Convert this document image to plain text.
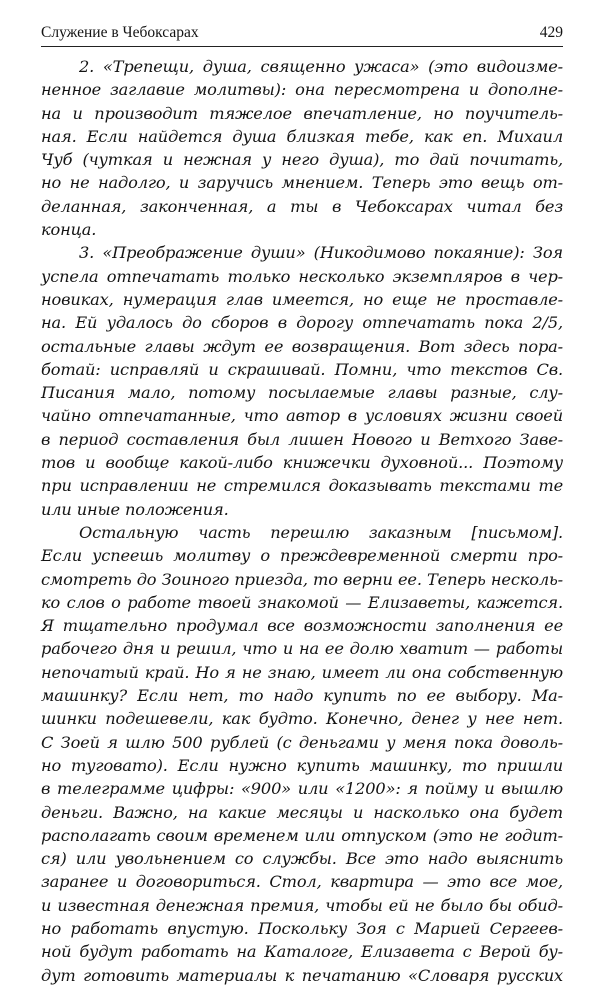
Служение в Чебоксарах	429
2. «Трепещи, душа, священно ужаса» (это видоизме-
ненное заглавие молитвы): она пересмотрена и дополне-
на и производит тяжелое впечатление, но поучитель-
ная. Если найдется душа близкая тебе, как еп. Михаил
Чуб (чуткая и нежная у него душа), то дай почитать,
но не надолго, и заручись мнением. Теперь это вещь от-
деланная, законченная, а ты в Чебоксарах читал без
конца.
3. «Преображение души» (Никодимово покаяние): Зоя
успела отпечатать только несколько экземпляров в чер-
новиках, нумерация глав имеется, но еще не проставле-
на. Ей удалось до сборов в дорогу отпечатать пока 2/5,
остальные главы ждут ее возвращения. Вот здесь пора-
ботай: исправляй и скрашивай. Помни, что текстов Св.
Писания мало, потому посылаемые главы разные, слу-
чайно отпечатанные, что автор в условиях жизни своей
в период составления был лишен Нового и Ветхого Заве-
тов и вообще какой-либо книжечки духовной... Поэтому
при исправлении не стремился доказывать текстами те
или иные положения.
Остальную часть перешлю заказным [письмом].
Если успеешь молитву о преждевременной смерти про-
смотреть до Зоиного приезда, то верни ее. Теперь несколь-
ко слов о работе твоей знакомой — Елизаветы, кажется.
Я тщательно продумал все возможности заполнения ее
рабочего дня и решил, что и на ее долю хватит — работы
непочатый край. Но я не знаю, имеет ли она собственную
машинку? Если нет, то надо купить по ее выбору. Ма-
шинки подешевели, как будто. Конечно, денег у нее нет.
С Зоей я шлю 500 рублей (с деньгами у меня пока доволь-
но туговато). Если нужно купить машинку, то пришли
в телеграмме цифры: «900» или «1200»: я пойму и вышлю
деньги. Важно, на какие месяцы и насколько она будет
располагать своим временем или отпуском (это не годит-
ся) или увольнением со службы. Все это надо выяснить
заранее и договориться. Стол, квартира — это все мое,
и известная денежная премия, чтобы ей не было бы обид-
но работать впустую. Поскольку Зоя с Марией Сергеев-
ной будут работать на Каталоге, Елизавета с Верой бу-
дут готовить материалы к печатанию «Словаря русских
